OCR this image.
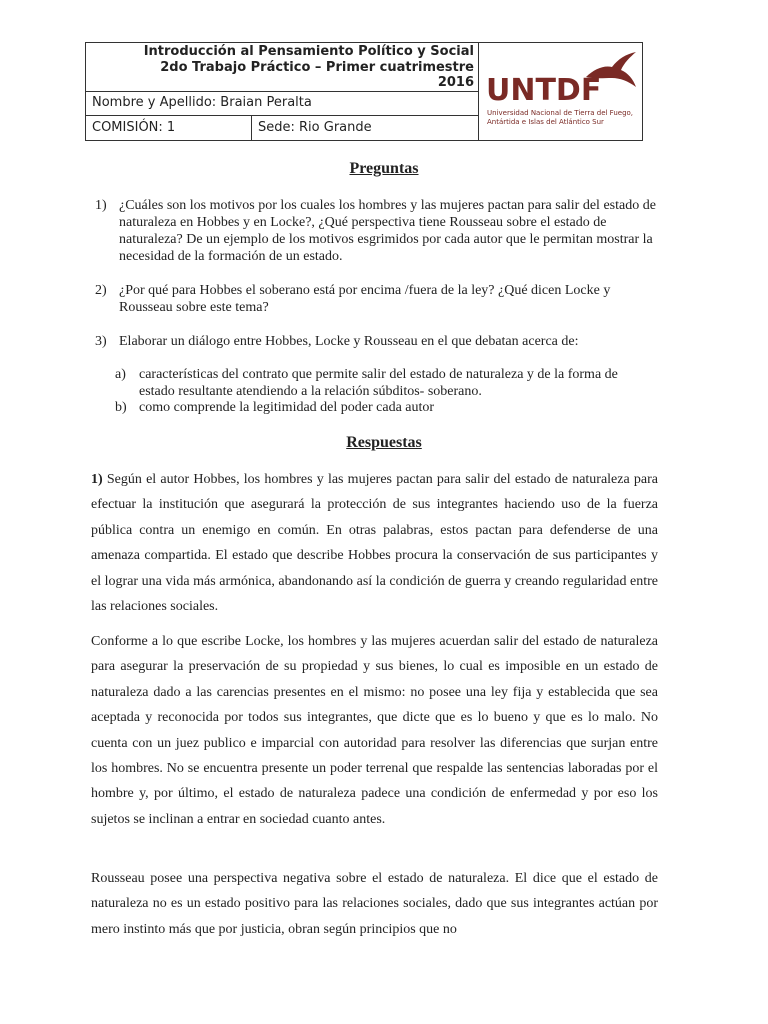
Introducción al Pensamiento Político y Social
2do Trabajo Práctico – Primer cuatrimestre
2016
Nombre y Apellido: Braian Peralta
COMISIÓN: 1	Sede: Rio Grande
UNTDF
Universidad Nacional de Tierra del Fuego, Antártida e Islas del Atlántico Sur
Preguntas
1) ¿Cuáles son los motivos por los cuales los hombres y las mujeres pactan para salir del estado de naturaleza en Hobbes y en Locke?, ¿Qué perspectiva tiene Rousseau sobre el estado de naturaleza? De un ejemplo de los motivos esgrimidos por cada autor que le permitan mostrar la necesidad de la formación de un estado.
2) ¿Por qué para Hobbes el soberano está por encima /fuera de la ley? ¿Qué dicen Locke y Rousseau sobre este tema?
3) Elaborar un diálogo entre Hobbes, Locke y Rousseau en el que debatan acerca de:
a) características del contrato que permite salir del estado de naturaleza y de la forma de estado resultante atendiendo a la relación súbditos- soberano.
b) como comprende la legitimidad del poder cada autor
Respuestas
1) Según el autor Hobbes, los hombres y las mujeres pactan para salir del estado de naturaleza para efectuar la institución que asegurará la protección de sus integrantes haciendo uso de la fuerza pública contra un enemigo en común. En otras palabras, estos pactan para defenderse de una amenaza compartida. El estado que describe Hobbes procura la conservación de sus participantes y el lograr una vida más armónica, abandonando así la condición de guerra y creando regularidad entre las relaciones sociales.
Conforme a lo que escribe Locke, los hombres y las mujeres acuerdan salir del estado de naturaleza para asegurar la preservación de su propiedad y sus bienes, lo cual es imposible en un estado de naturaleza dado a las carencias presentes en el mismo: no posee una ley fija y establecida que sea aceptada y reconocida por todos sus integrantes, que dicte que es lo bueno y que es lo malo. No cuenta con un juez publico e imparcial con autoridad para resolver las diferencias que surjan entre los hombres. No se encuentra presente un poder terrenal que respalde las sentencias laboradas por el hombre y, por último, el estado de naturaleza padece una condición de enfermedad y por eso los sujetos se inclinan a entrar en sociedad cuanto antes.
Rousseau posee una perspectiva negativa sobre el estado de naturaleza. El dice que el estado de naturaleza no es un estado positivo para las relaciones sociales, dado que sus integrantes actúan por mero instinto más que por justicia, obran según principios que no
